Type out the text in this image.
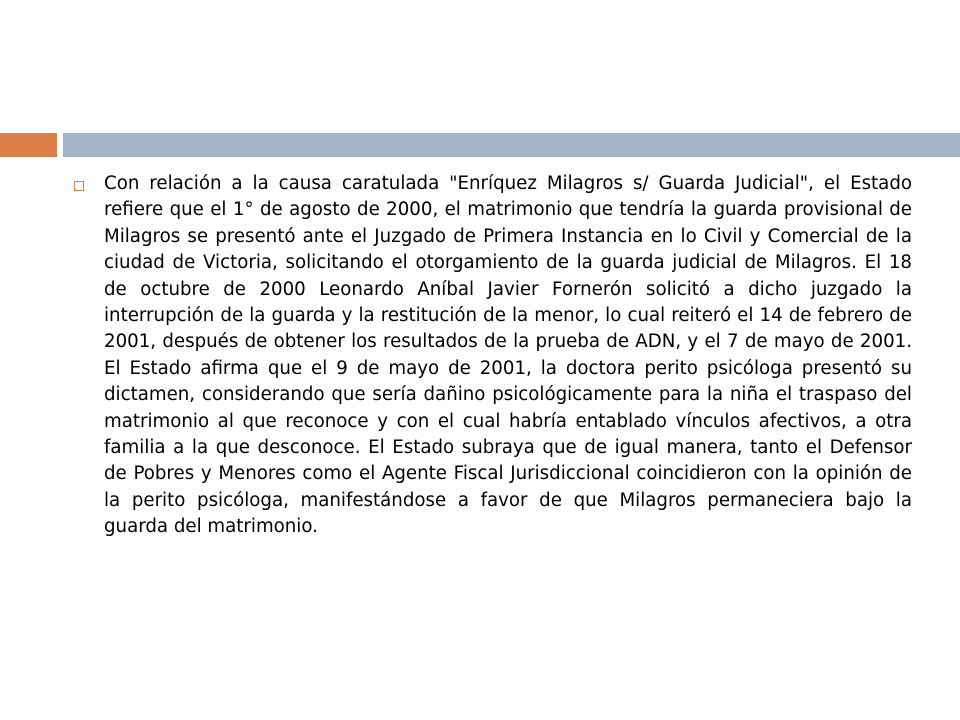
Con relación a la causa caratulada "Enríquez Milagros s/ Guarda Judicial", el Estado refiere que el 1° de agosto de 2000, el matrimonio que tendría la guarda provisional de Milagros se presentó ante el Juzgado de Primera Instancia en lo Civil y Comercial de la ciudad de Victoria, solicitando el otorgamiento de la guarda judicial de Milagros. El 18 de octubre de 2000 Leonardo Aníbal Javier Fornerón solicitó a dicho juzgado la interrupción de la guarda y la restitución de la menor, lo cual reiteró el 14 de febrero de 2001, después de obtener los resultados de la prueba de ADN, y el 7 de mayo de 2001. El Estado afirma que el 9 de mayo de 2001, la doctora perito psicóloga presentó su dictamen, considerando que sería dañino psicológicamente para la niña el traspaso del matrimonio al que reconoce y con el cual habría entablado vínculos afectivos, a otra familia a la que desconoce. El Estado subraya que de igual manera, tanto el Defensor de Pobres y Menores como el Agente Fiscal Jurisdiccional coincidieron con la opinión de la perito psicóloga, manifestándose a favor de que Milagros permaneciera bajo la guarda del matrimonio.
